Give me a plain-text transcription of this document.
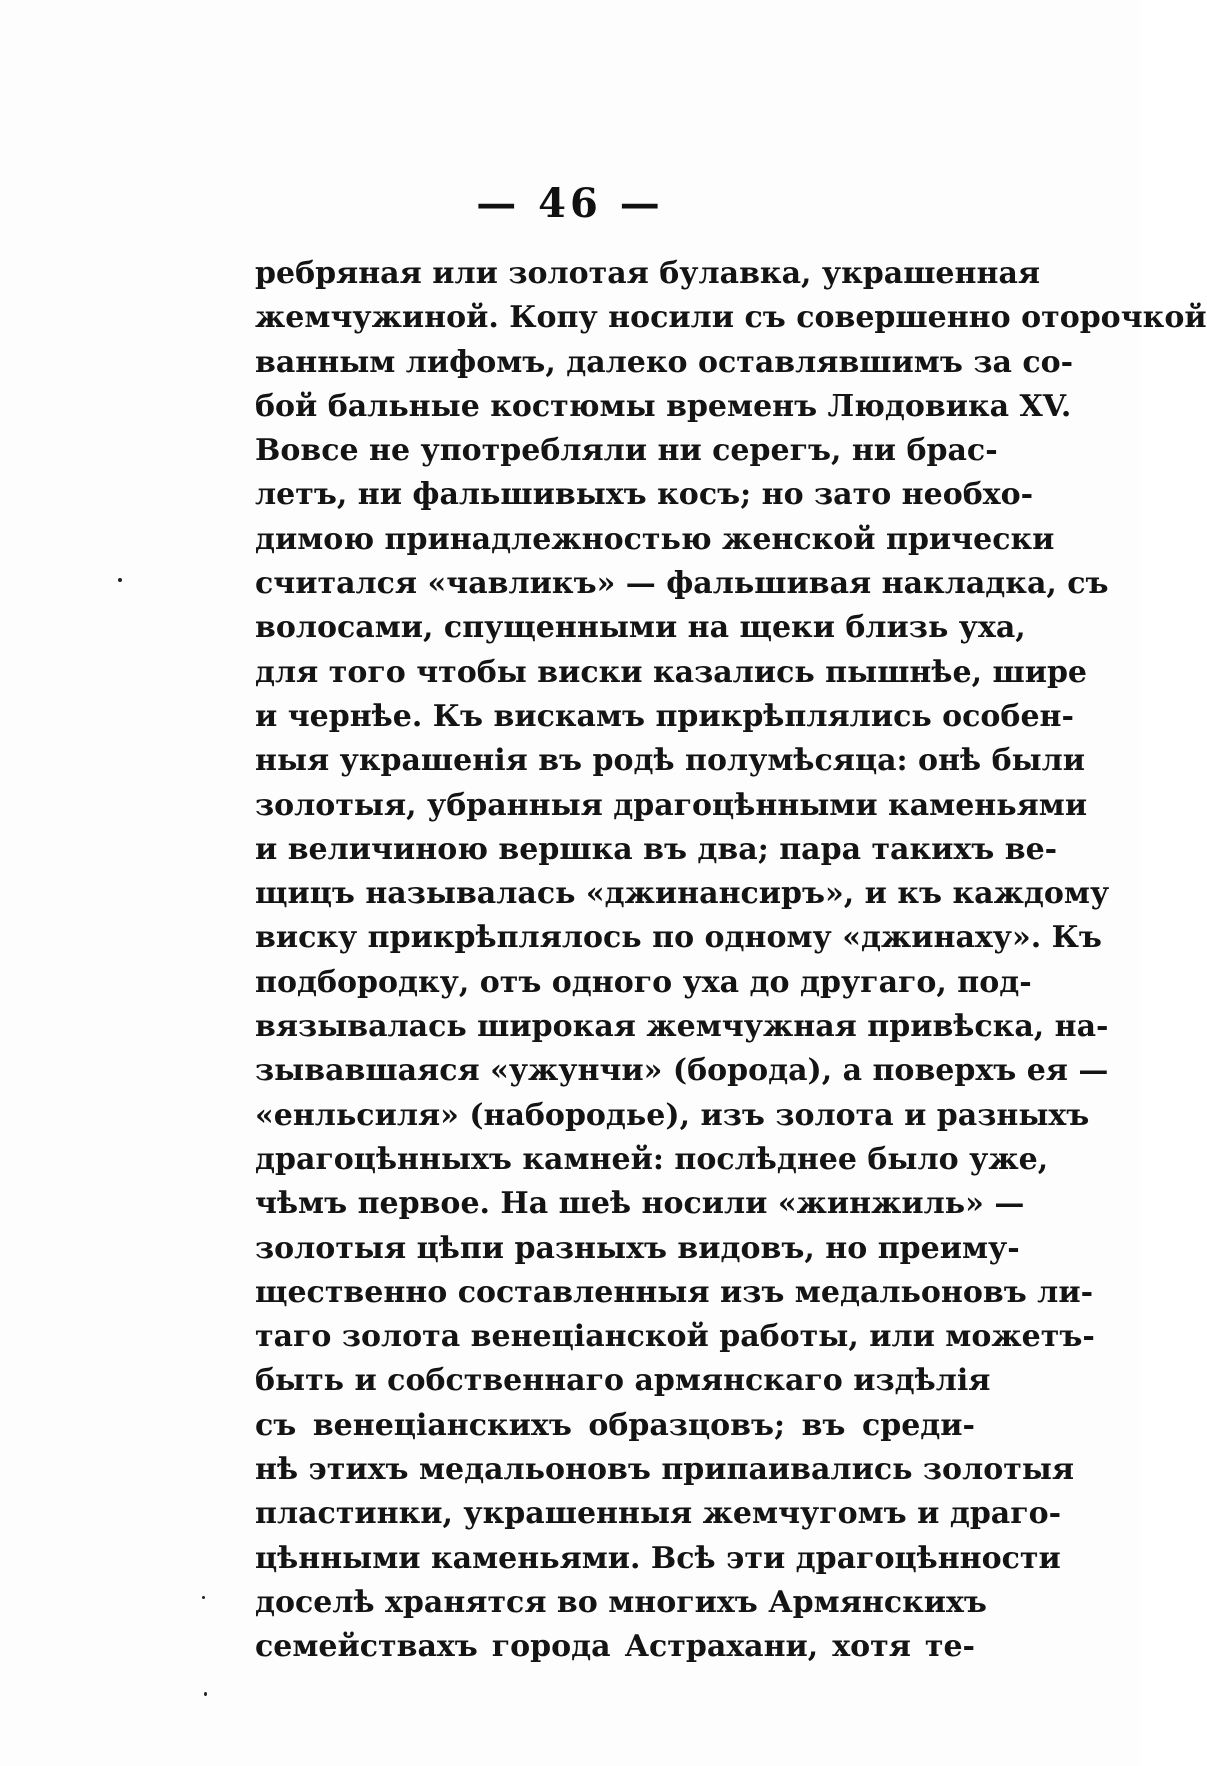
— 46 —
ребряная или золотая булавка, украшенная
жемчужиной. Копу носили съ совершенно оторочкой
ванным лифомъ, далеко оставлявшимъ за со-
бой бальные костюмы временъ Людовика XV.
Вовсе не употребляли ни серегъ, ни брас-
летъ, ни фальшивыхъ косъ; но зато необхо-
димою принадлежностью женской прически
считался «чавликъ» — фальшивая накладка, съ
волосами, спущенными на щеки близь уха,
для того чтобы виски казались пышнѣе, шире
и чернѣе. Къ вискамъ прикрѣплялись особен-
ныя украшенія въ родѣ полумѣсяца: онѣ были
золотыя, убранныя драгоцѣнными каменьями
и величиною вершка въ два; пара такихъ ве-
щицъ называлась «джинансиръ», и къ каждому
виску прикрѣплялось по одному «джинаху». Къ
подбородку, отъ одного уха до другаго, под-
вязывалась широкая жемчужная привѣска, на-
зывавшаяся «ужунчи» (борода), а поверхъ ея —
«енльсиля» (набородье), изъ золота и разныхъ
драгоцѣнныхъ камней: послѣднее было уже,
чѣмъ первое. На шеѣ носили «жинжиль» —
золотыя цѣпи разныхъ видовъ, но преиму-
щественно составленныя изъ медальоновъ ли-
таго золота венеціанской работы, или можетъ-
быть и собственнаго армянскаго издѣлія
съ венеціанскихъ образцовъ; въ среди-
нѣ этихъ медальоновъ припаивались золотыя
пластинки, украшенныя жемчугомъ и драго-
цѣнными каменьями. Всѣ эти драгоцѣнности
доселѣ хранятся во многихъ Армянскихъ
семействахъ города Астрахани, хотя те-
